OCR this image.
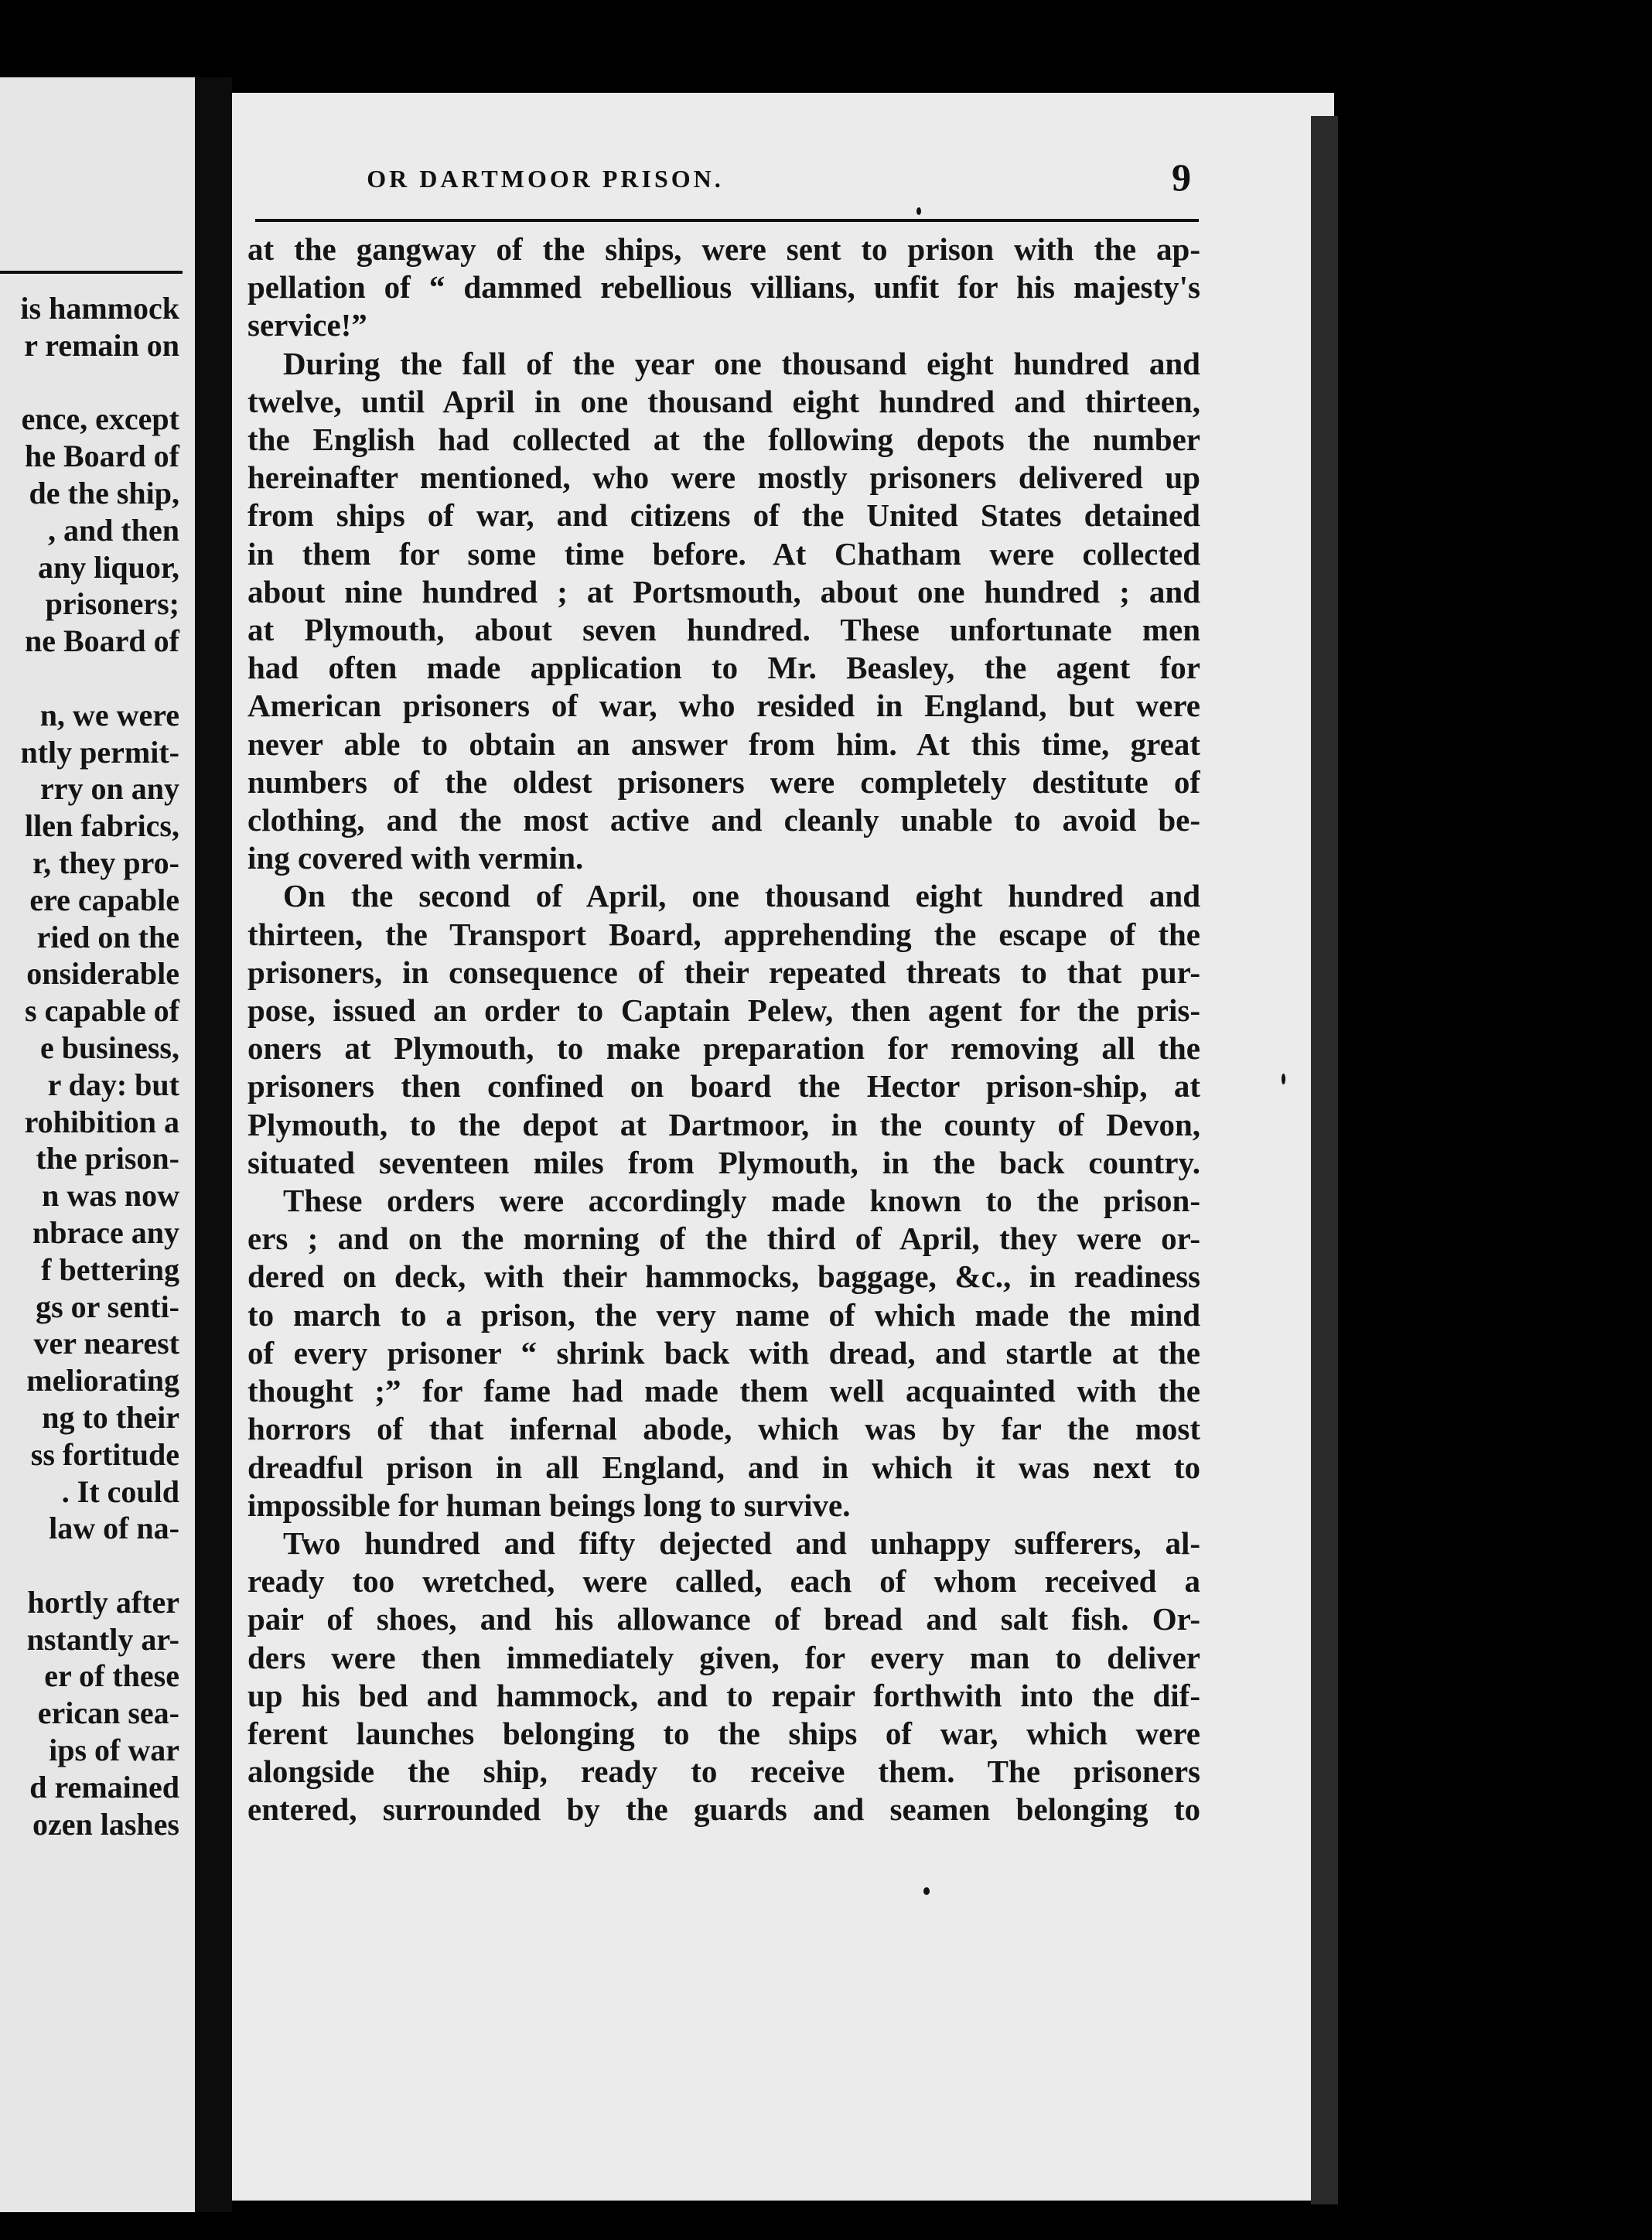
is hammock
r remain on

ence, except
he Board of
de the ship,
, and then
any liquor,
prisoners;
ne Board of

n, we were
ntly permit-
rry on any
llen fabrics,
r, they pro-
ere capable
ried on the
onsiderable
s capable of
e business,
r day: but
rohibition a
the prison-
n was now
nbrace any
f bettering
gs or senti-
ver nearest
meliorating
ng to their
ss fortitude
. It could
law of na-

hortly after
nstantly ar-
er of these
erican sea-
ips of war
d remained
ozen lashes
OR DARTMOOR PRISON.	9
at the gangway of the ships, were sent to prison with the ap-
pellation of “ dammed rebellious villians, unfit for his majesty's
service!”
During the fall of the year one thousand eight hundred and
twelve, until April in one thousand eight hundred and thirteen,
the English had collected at the following depots the number
hereinafter mentioned, who were mostly prisoners delivered up
from ships of war, and citizens of the United States detained
in them for some time before. At Chatham were collected
about nine hundred ; at Portsmouth, about one hundred ; and
at Plymouth, about seven hundred. These unfortunate men
had often made application to Mr. Beasley, the agent for
American prisoners of war, who resided in England, but were
never able to obtain an answer from him. At this time, great
numbers of the oldest prisoners were completely destitute of
clothing, and the most active and cleanly unable to avoid be-
ing covered with vermin.
On the second of April, one thousand eight hundred and
thirteen, the Transport Board, apprehending the escape of the
prisoners, in consequence of their repeated threats to that pur-
pose, issued an order to Captain Pelew, then agent for the pris-
oners at Plymouth, to make preparation for removing all the
prisoners then confined on board the Hector prison-ship, at
Plymouth, to the depot at Dartmoor, in the county of Devon,
situated seventeen miles from Plymouth, in the back country.
These orders were accordingly made known to the prison-
ers ; and on the morning of the third of April, they were or-
dered on deck, with their hammocks, baggage, &c., in readiness
to march to a prison, the very name of which made the mind
of every prisoner “ shrink back with dread, and startle at the
thought ;” for fame had made them well acquainted with the
horrors of that infernal abode, which was by far the most
dreadful prison in all England, and in which it was next to
impossible for human beings long to survive.
Two hundred and fifty dejected and unhappy sufferers, al-
ready too wretched, were called, each of whom received a
pair of shoes, and his allowance of bread and salt fish. Or-
ders were then immediately given, for every man to deliver
up his bed and hammock, and to repair forthwith into the dif-
ferent launches belonging to the ships of war, which were
alongside the ship, ready to receive them. The prisoners
entered, surrounded by the guards and seamen belonging to
